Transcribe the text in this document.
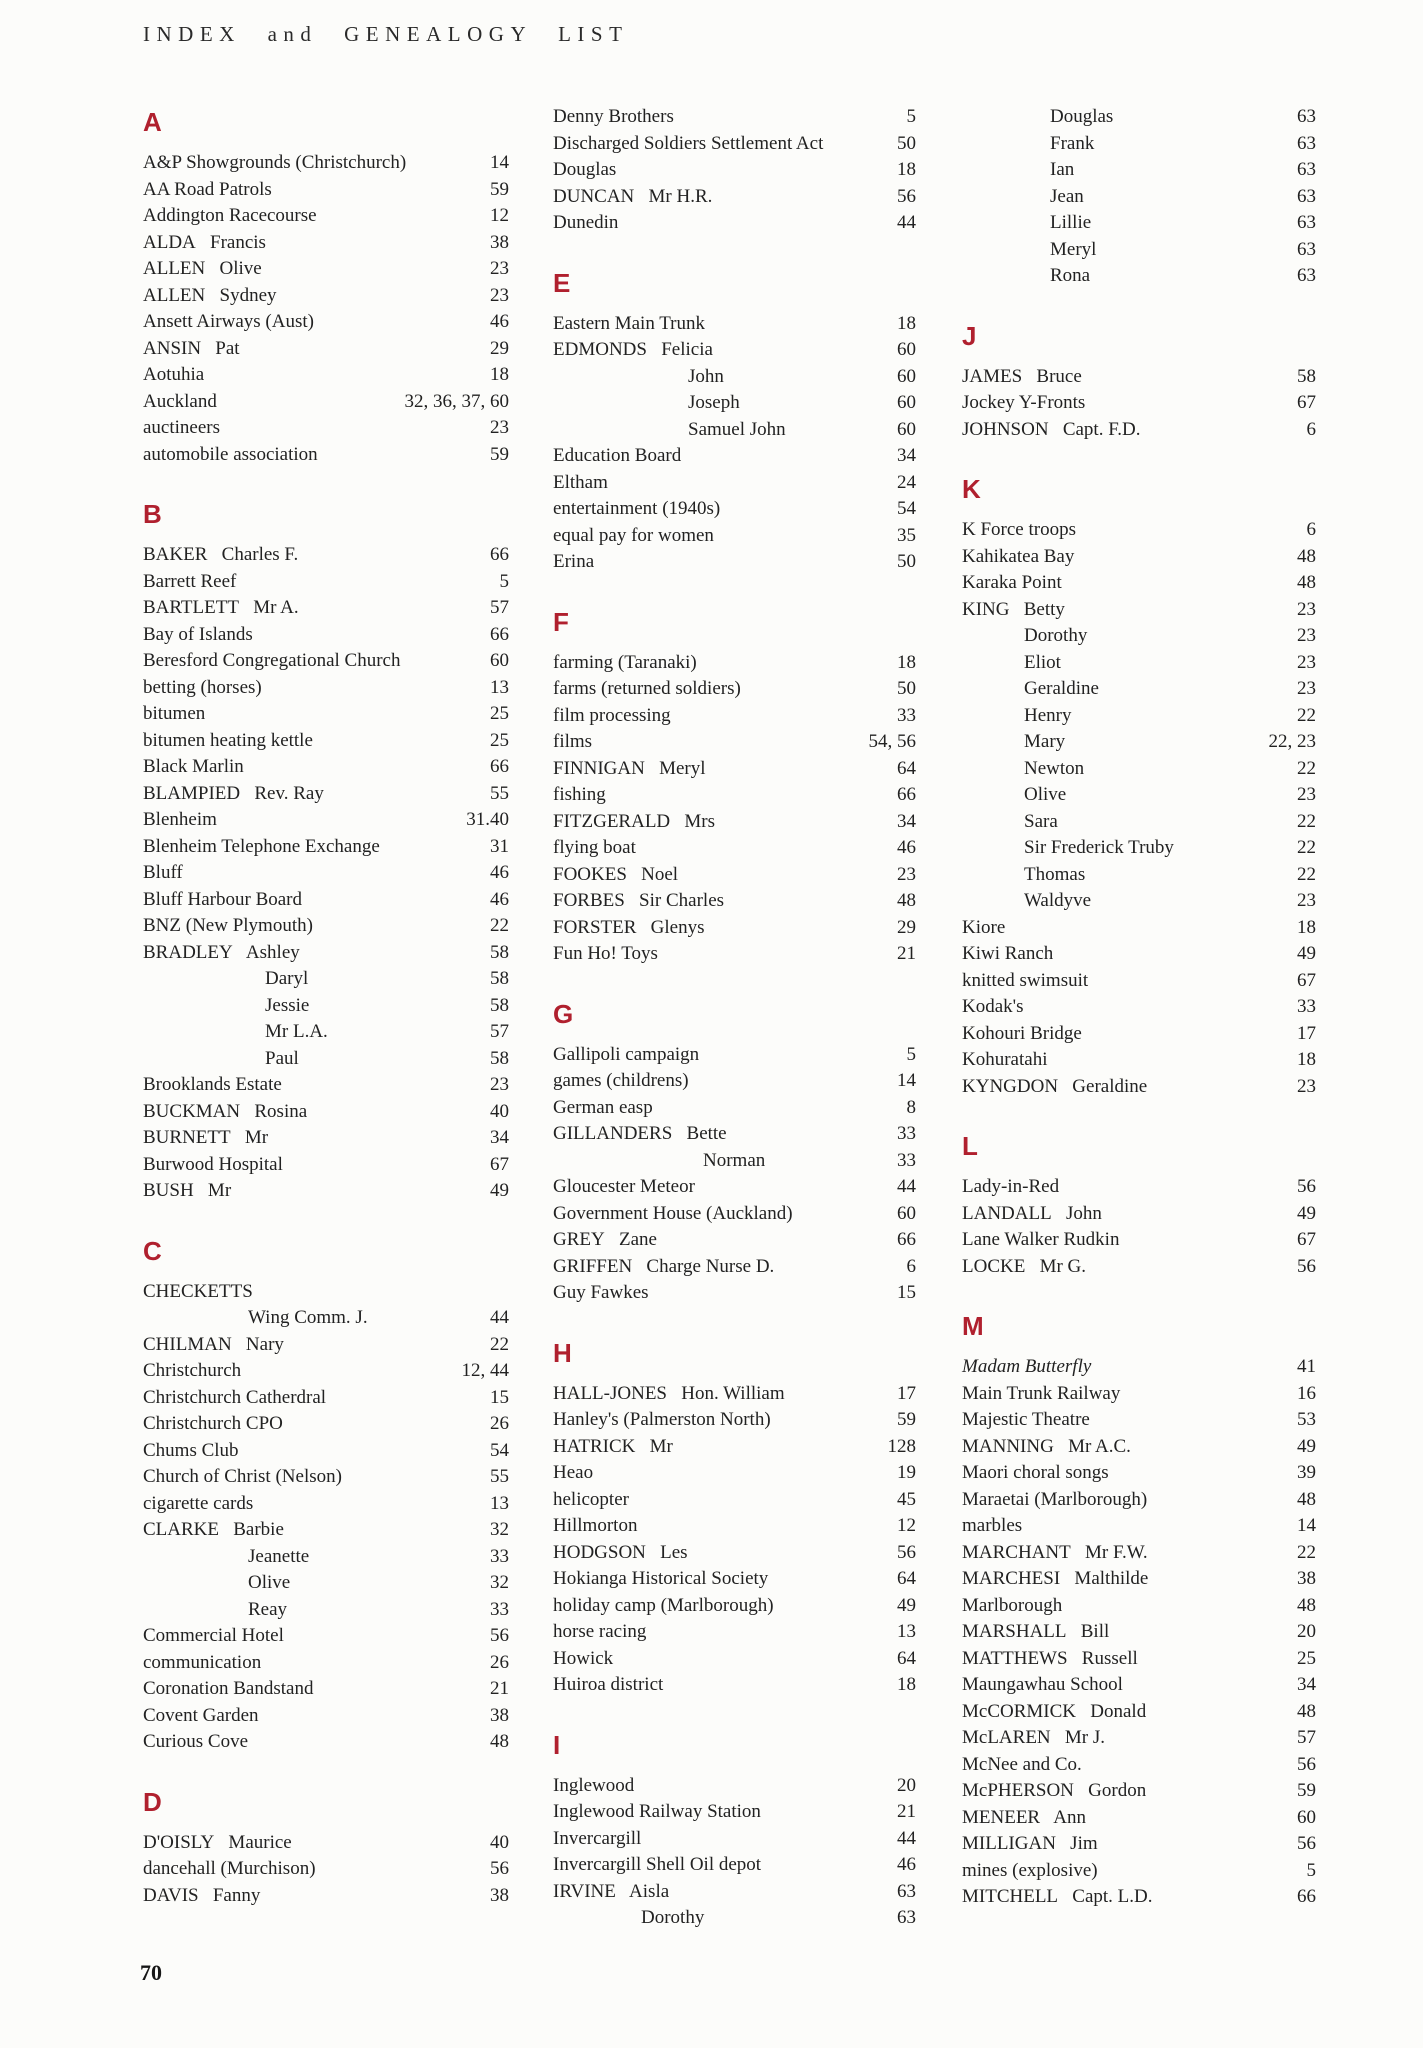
INDEX and GENEALOGY LIST
A
A&P Showgrounds (Christchurch)	14
AA Road Patrols	59
Addington Racecourse	12
ALDA   Francis	38
ALLEN   Olive	23
ALLEN   Sydney	23
Ansett Airways (Aust)	46
ANSIN   Pat	29
Aotuhia	18
Auckland	32, 36, 37, 60
auctineers	23
automobile association	59
B
BAKER   Charles F.	66
Barrett Reef	5
BARTLETT   Mr A.	57
Bay of Islands	66
Beresford Congregational Church	60
betting (horses)	13
bitumen	25
bitumen heating kettle	25
Black Marlin	66
BLAMPIED   Rev. Ray	55
Blenheim	31.40
Blenheim Telephone Exchange	31
Bluff	46
Bluff Harbour Board	46
BNZ (New Plymouth)	22
BRADLEY   Ashley	58
Daryl	58
Jessie	58
Mr L.A.	57
Paul	58
Brooklands Estate	23
BUCKMAN   Rosina	40
BURNETT   Mr	34
Burwood Hospital	67
BUSH   Mr	49
C
CHECKETTS
Wing Comm. J.	44
CHILMAN   Nary	22
Christchurch	12, 44
Christchurch Catherdral	15
Christchurch CPO	26
Chums Club	54
Church of Christ (Nelson)	55
cigarette cards	13
CLARKE   Barbie	32
Jeanette	33
Olive	32
Reay	33
Commercial Hotel	56
communication	26
Coronation Bandstand	21
Covent Garden	38
Curious Cove	48
D
D'OISLY   Maurice	40
dancehall (Murchison)	56
DAVIS   Fanny	38
Denny Brothers	5
Discharged Soldiers Settlement Act	50
Douglas	18
DUNCAN   Mr H.R.	56
Dunedin	44
E
Eastern Main Trunk	18
EDMONDS   Felicia	60
John	60
Joseph	60
Samuel John	60
Education Board	34
Eltham	24
entertainment (1940s)	54
equal pay for women	35
Erina	50
F
farming (Taranaki)	18
farms (returned soldiers)	50
film processing	33
films	54, 56
FINNIGAN   Meryl	64
fishing	66
FITZGERALD   Mrs	34
flying boat	46
FOOKES   Noel	23
FORBES   Sir Charles	48
FORSTER   Glenys	29
Fun Ho! Toys	21
G
Gallipoli campaign	5
games (childrens)	14
German easp	8
GILLANDERS   Bette	33
Norman	33
Gloucester Meteor	44
Government House (Auckland)	60
GREY   Zane	66
GRIFFEN   Charge Nurse D.	6
Guy Fawkes	15
H
HALL-JONES   Hon. William	17
Hanley's (Palmerston North)	59
HATRICK   Mr	128
Heao	19
helicopter	45
Hillmorton	12
HODGSON   Les	56
Hokianga Historical Society	64
holiday camp (Marlborough)	49
horse racing	13
Howick	64
Huiroa district	18
I
Inglewood	20
Inglewood Railway Station	21
Invercargill	44
Invercargill Shell Oil depot	46
IRVINE   Aisla	63
Dorothy	63
Douglas	63
Frank	63
Ian	63
Jean	63
Lillie	63
Meryl	63
Rona	63
J
JAMES   Bruce	58
Jockey Y-Fronts	67
JOHNSON   Capt. F.D.	6
K
K Force troops	6
Kahikatea Bay	48
Karaka Point	48
KING   Betty	23
Dorothy	23
Eliot	23
Geraldine	23
Henry	22
Mary	22, 23
Newton	22
Olive	23
Sara	22
Sir Frederick Truby	22
Thomas	22
Waldyve	23
Kiore	18
Kiwi Ranch	49
knitted swimsuit	67
Kodak's	33
Kohouri Bridge	17
Kohuratahi	18
KYNGDON   Geraldine	23
L
Lady-in-Red	56
LANDALL   John	49
Lane Walker Rudkin	67
LOCKE   Mr G.	56
M
Madam Butterfly	41
Main Trunk Railway	16
Majestic Theatre	53
MANNING   Mr A.C.	49
Maori choral songs	39
Maraetai (Marlborough)	48
marbles	14
MARCHANT   Mr F.W.	22
MARCHESI   Malthilde	38
Marlborough	48
MARSHALL   Bill	20
MATTHEWS   Russell	25
Maungawhau School	34
McCORMICK   Donald	48
McLAREN   Mr J.	57
McNee and Co.	56
McPHERSON   Gordon	59
MENEER   Ann	60
MILLIGAN   Jim	56
mines (explosive)	5
MITCHELL   Capt. L.D.	66
70
